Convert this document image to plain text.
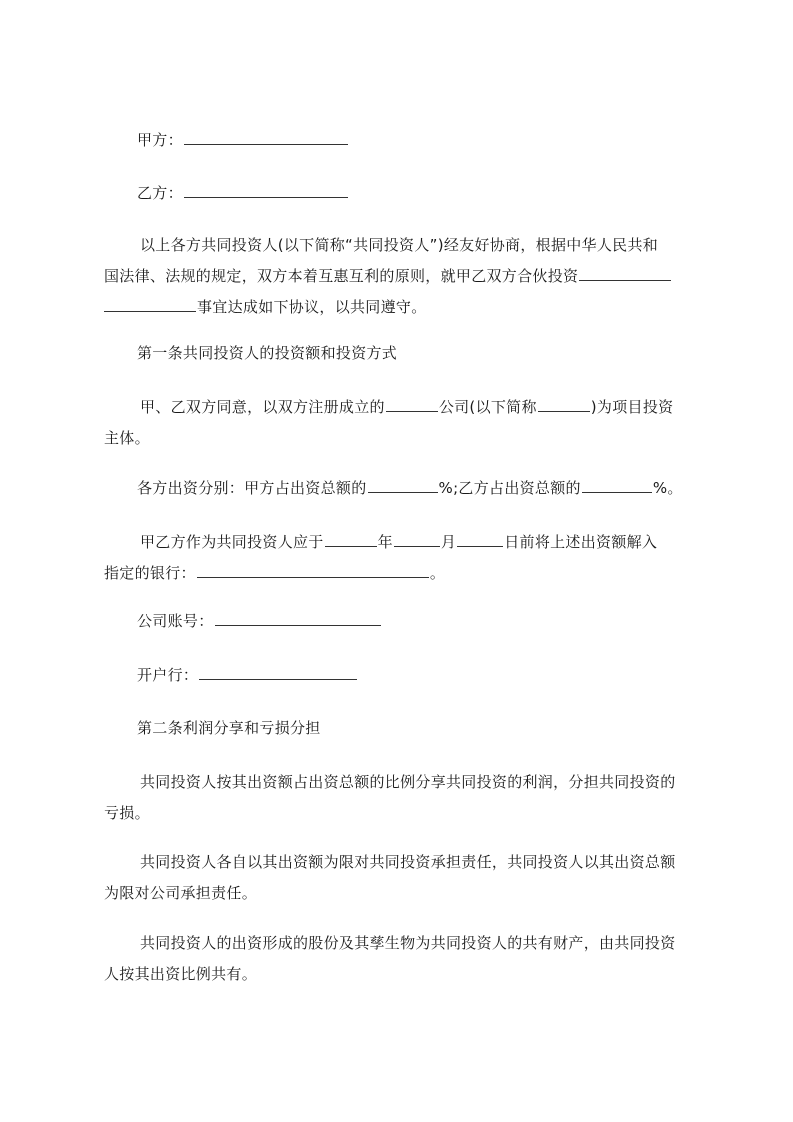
甲方：
乙方：
以上各方共同投资人(以下简称“共同投资人”)经友好协商，根据中华人民共和
国法律、法规的规定，双方本着互惠互利的原则，就甲乙双方合伙投资
事宜达成如下协议，以共同遵守。
第一条共同投资人的投资额和投资方式
甲、乙双方同意，以双方注册成立的	公司(以下简称	)为项目投资
主体。
各方出资分别：甲方占出资总额的	%;乙方占出资总额的	%。
甲乙方作为共同投资人应于	年	月	日前将上述出资额解入
指定的银行：	。
公司账号：
开户行：
第二条利润分享和亏损分担
共同投资人按其出资额占出资总额的比例分享共同投资的利润，分担共同投资的
亏损。
共同投资人各自以其出资额为限对共同投资承担责任，共同投资人以其出资总额
为限对公司承担责任。
共同投资人的出资形成的股份及其孳生物为共同投资人的共有财产，由共同投资
人按其出资比例共有。
